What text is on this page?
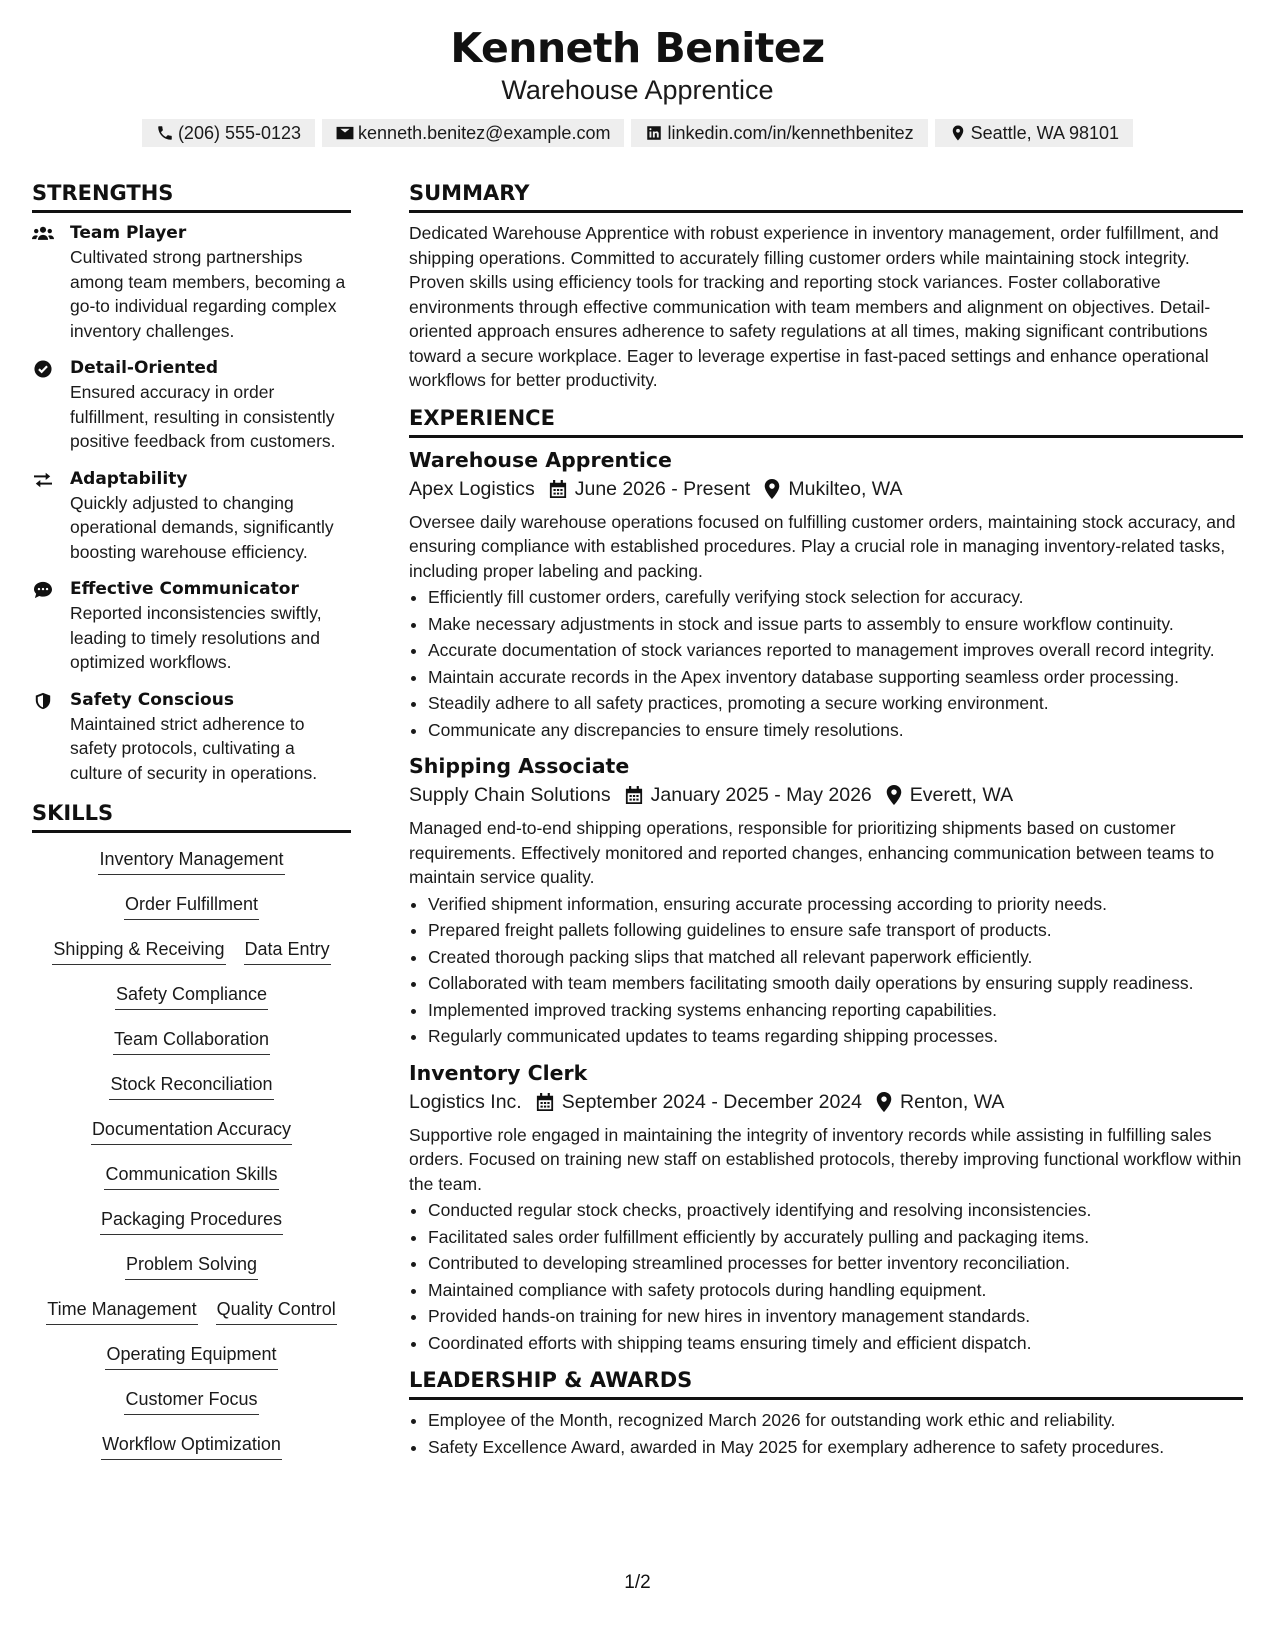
Kenneth Benitez
Warehouse Apprentice
(206) 555-0123	kenneth.benitez@example.com	linkedin.com/in/kennethbenitez	Seattle, WA 98101
STRENGTHS
Team Player
Cultivated strong partnerships among team members, becoming a go-to individual regarding complex inventory challenges.
Detail-Oriented
Ensured accuracy in order fulfillment, resulting in consistently positive feedback from customers.
Adaptability
Quickly adjusted to changing operational demands, significantly boosting warehouse efficiency.
Effective Communicator
Reported inconsistencies swiftly, leading to timely resolutions and optimized workflows.
Safety Conscious
Maintained strict adherence to safety protocols, cultivating a culture of security in operations.
SKILLS
Inventory Management
Order Fulfillment
Shipping & Receiving Data Entry
Safety Compliance
Team Collaboration
Stock Reconciliation
Documentation Accuracy
Communication Skills
Packaging Procedures
Problem Solving
Time Management Quality Control
Operating Equipment
Customer Focus
Workflow Optimization
SUMMARY
Dedicated Warehouse Apprentice with robust experience in inventory management, order fulfillment, and shipping operations. Committed to accurately filling customer orders while maintaining stock integrity. Proven skills using efficiency tools for tracking and reporting stock variances. Foster collaborative environments through effective communication with team members and alignment on objectives. Detail-oriented approach ensures adherence to safety regulations at all times, making significant contributions toward a secure workplace. Eager to leverage expertise in fast-paced settings and enhance operational workflows for better productivity.
EXPERIENCE
Warehouse Apprentice
Apex Logistics June 2026 - Present Mukilteo, WA
Oversee daily warehouse operations focused on fulfilling customer orders, maintaining stock accuracy, and ensuring compliance with established procedures. Play a crucial role in managing inventory-related tasks, including proper labeling and packing.
• Efficiently fill customer orders, carefully verifying stock selection for accuracy.
• Make necessary adjustments in stock and issue parts to assembly to ensure workflow continuity.
• Accurate documentation of stock variances reported to management improves overall record integrity.
• Maintain accurate records in the Apex inventory database supporting seamless order processing.
• Steadily adhere to all safety practices, promoting a secure working environment.
• Communicate any discrepancies to ensure timely resolutions.
Shipping Associate
Supply Chain Solutions January 2025 - May 2026 Everett, WA
Managed end-to-end shipping operations, responsible for prioritizing shipments based on customer requirements. Effectively monitored and reported changes, enhancing communication between teams to maintain service quality.
• Verified shipment information, ensuring accurate processing according to priority needs.
• Prepared freight pallets following guidelines to ensure safe transport of products.
• Created thorough packing slips that matched all relevant paperwork efficiently.
• Collaborated with team members facilitating smooth daily operations by ensuring supply readiness.
• Implemented improved tracking systems enhancing reporting capabilities.
• Regularly communicated updates to teams regarding shipping processes.
Inventory Clerk
Logistics Inc. September 2024 - December 2024 Renton, WA
Supportive role engaged in maintaining the integrity of inventory records while assisting in fulfilling sales orders. Focused on training new staff on established protocols, thereby improving functional workflow within the team.
• Conducted regular stock checks, proactively identifying and resolving inconsistencies.
• Facilitated sales order fulfillment efficiently by accurately pulling and packaging items.
• Contributed to developing streamlined processes for better inventory reconciliation.
• Maintained compliance with safety protocols during handling equipment.
• Provided hands-on training for new hires in inventory management standards.
• Coordinated efforts with shipping teams ensuring timely and efficient dispatch.
LEADERSHIP & AWARDS
• Employee of the Month, recognized March 2026 for outstanding work ethic and reliability.
• Safety Excellence Award, awarded in May 2025 for exemplary adherence to safety procedures.
1/2
